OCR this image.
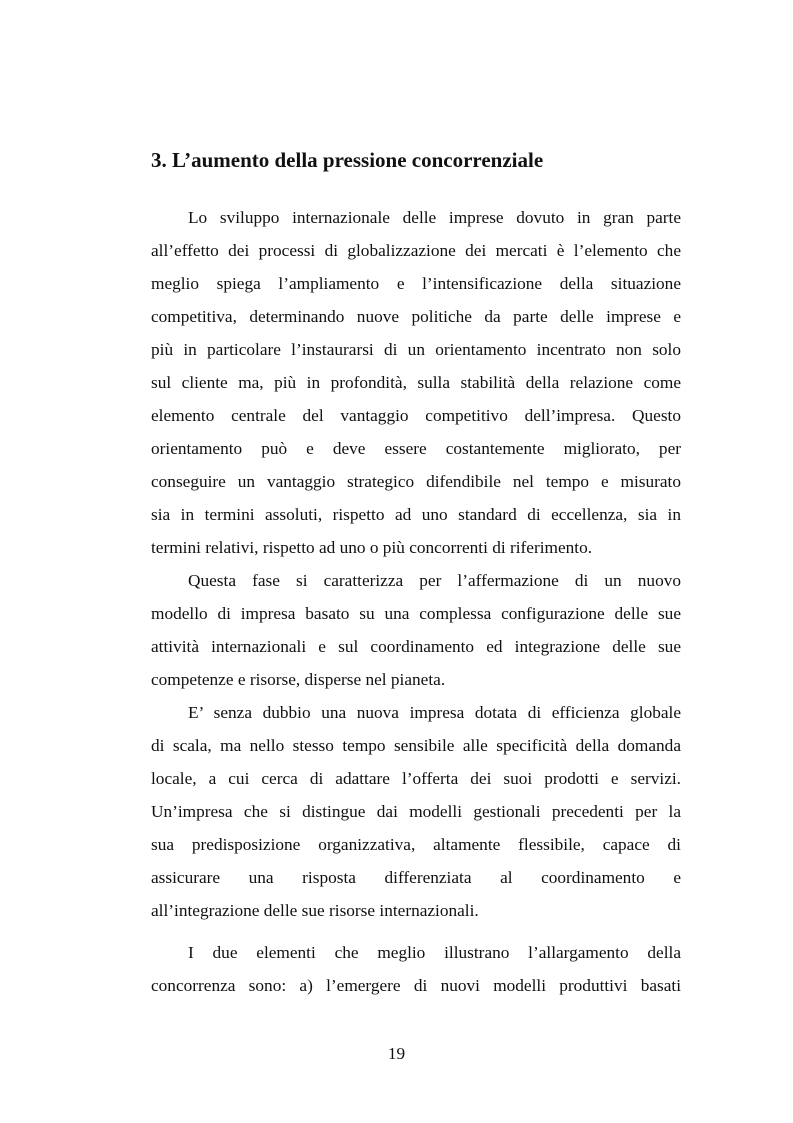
3. L’aumento della pressione concorrenziale
Lo sviluppo internazionale delle imprese dovuto in gran parte
all’effetto dei processi di globalizzazione dei mercati è l’elemento che
meglio spiega l’ampliamento e l’intensificazione della situazione
competitiva, determinando nuove politiche da parte delle imprese e
più in particolare l’instaurarsi di un orientamento incentrato non solo
sul cliente ma, più in profondità, sulla stabilità della relazione come
elemento centrale del vantaggio competitivo dell’impresa. Questo
orientamento può e deve essere costantemente migliorato, per
conseguire un vantaggio strategico difendibile nel tempo e misurato
sia in termini assoluti, rispetto ad uno standard di eccellenza, sia in
termini relativi, rispetto ad uno o più concorrenti di riferimento.
Questa fase si caratterizza per l’affermazione di un nuovo
modello di impresa basato su una complessa configurazione delle sue
attività internazionali e sul coordinamento ed integrazione delle sue
competenze e risorse, disperse nel pianeta.
E’ senza dubbio una nuova impresa dotata di efficienza globale
di scala, ma nello stesso tempo sensibile alle specificità della domanda
locale, a cui cerca di adattare l’offerta dei suoi prodotti e servizi.
Un’impresa che si distingue dai modelli gestionali precedenti per la
sua predisposizione organizzativa, altamente flessibile, capace di
assicurare una risposta differenziata al coordinamento e
all’integrazione delle sue risorse internazionali.
I due elementi che meglio illustrano l’allargamento della
concorrenza sono: a) l’emergere di nuovi modelli produttivi basati
19
